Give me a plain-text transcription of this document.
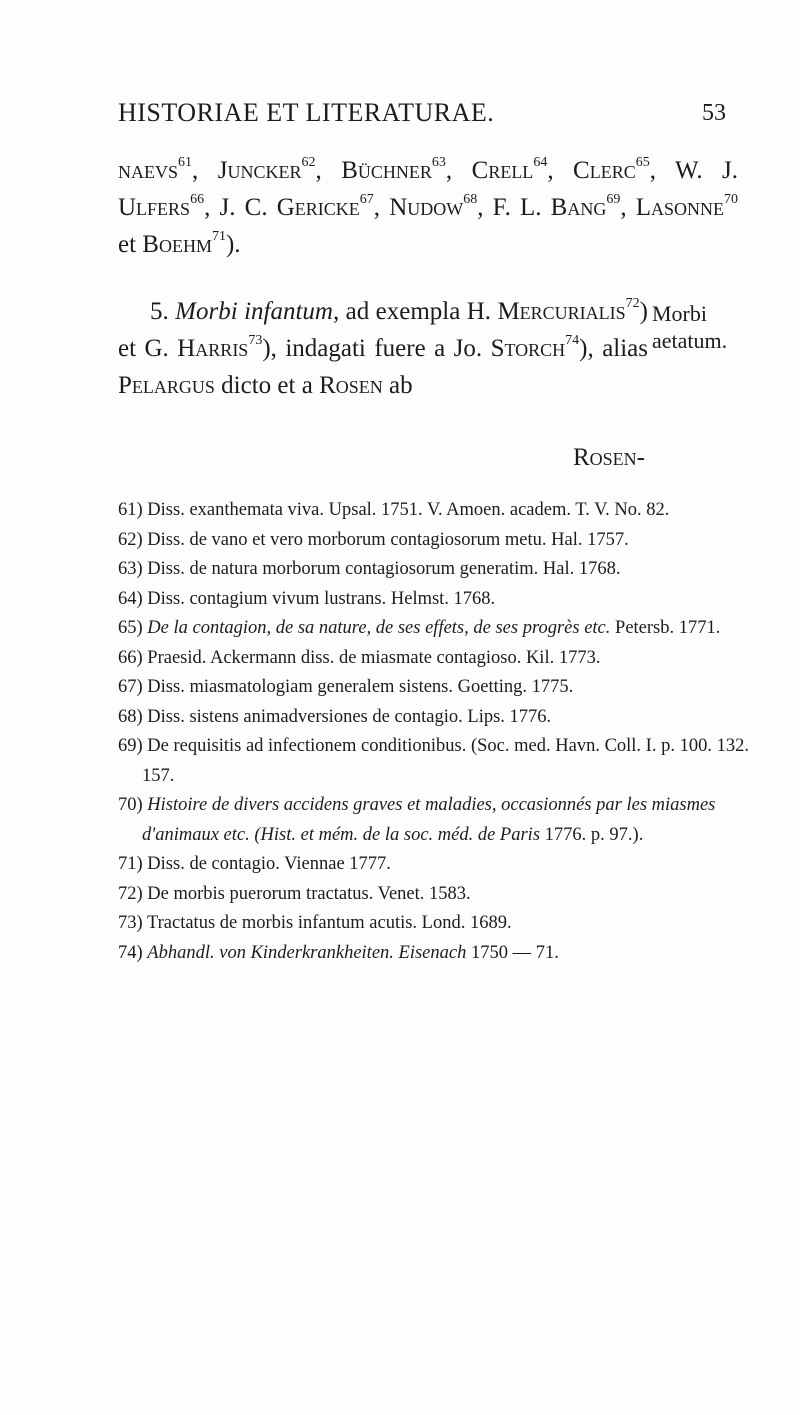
HISTORIAE ET LITERATURAE.	53

naevs$^{61}$, Juncker$^{62}$, Büchner$^{63}$, Crell$^{64}$, Clerc$^{65}$, W. J. Ulfers$^{66}$, J. C. Gericke$^{67}$, Nudow$^{68}$, F. L. Bang$^{69}$, Lasonne$^{70}$ et Boehm$^{71}$).

5. Morbi infantum, ad exempla H. Mercurialis$^{72}$) et G. Harris$^{73}$), indagati fuere a Jo. Storch$^{74}$), alias Pelargus dicto et a Rosen ab

Rosen-
Morbi
aetatum.

61) Diss. exanthemata viva. Upsal. 1751. V. Amoen. academ. T. V. No. 82.

62) Diss. de vano et vero morborum contagiosorum metu. Hal. 1757.

63) Diss. de natura morborum contagiosorum generatim. Hal. 1768.

64) Diss. contagium vivum lustrans. Helmst. 1768.

65) De la contagion, de sa nature, de ses effets, de ses progrès etc. Petersb. 1771.

66) Praesid. Ackermann diss. de miasmate contagioso. Kil. 1773.

67) Diss. miasmatologiam generalem sistens. Goetting. 1775.

68) Diss. sistens animadversiones de contagio. Lips. 1776.

69) De requisitis ad infectionem conditionibus. (Soc. med. Havn. Coll. I. p. 100. 132. 157.

70) Histoire de divers accidens graves et maladies, occasionnés par les miasmes d'animaux etc. (Hist. et mém. de la soc. méd. de Paris 1776. p. 97.).

71) Diss. de contagio. Viennae 1777.

72) De morbis puerorum tractatus. Venet. 1583.

73) Tractatus de morbis infantum acutis. Lond. 1689.

74) Abhandl. von Kinderkrankheiten. Eisenach 1750 — 71.
